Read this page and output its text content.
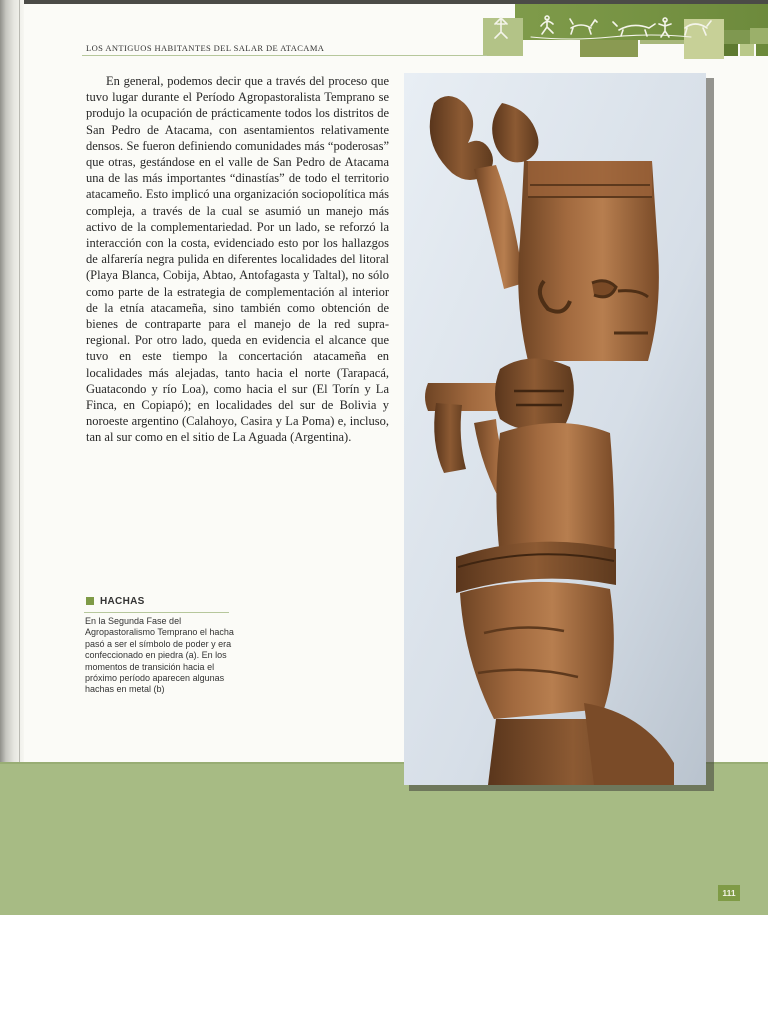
LOS ANTIGUOS HABITANTES DEL SALAR DE ATACAMA

En general, podemos decir que a través del proceso que tuvo lugar durante el Período Agropastoralista Temprano se produjo la ocupación de prácticamente todos los distritos de San Pedro de Atacama, con asentamientos relativamente densos. Se fueron definiendo comunidades más “poderosas” que otras, gestándose en el valle de San Pedro de Atacama una de las más importantes “dinastías” de todo el territorio atacameño. Esto implicó una organización sociopolítica más compleja, a través de la cual se asumió un manejo más activo de la complementariedad. Por un lado, se reforzó la interacción con la costa, evidenciado esto por los hallazgos de alfarería negra pulida en diferentes localidades del litoral (Playa Blanca, Cobija, Abtao, Antofagasta y Taltal), no sólo como parte de la estrategia de complementación al interior de la etnía atacameña, sino también como obtención de bienes de contraparte para el manejo de la red supra-regional. Por otro lado, queda en evidencia el alcance que tuvo en este tiempo la concertación atacameña en localidades más alejadas, tanto hacia el norte (Tarapacá, Guatacondo y río Loa), como hacia el sur (El Torín y La Finca, en Copiapó); en localidades del sur de Bolivia y noroeste argentino (Calahoyo, Casira y La Poma) e, incluso, tan al sur como en el sitio de La Aguada (Argentina).

HACHAS

En la Segunda Fase del Agropastoralismo Temprano el hacha pasó a ser el símbolo de poder y era confeccionado en piedra (a). En los momentos de transición hacia el próximo período aparecen algunas hachas en metal (b)

111
